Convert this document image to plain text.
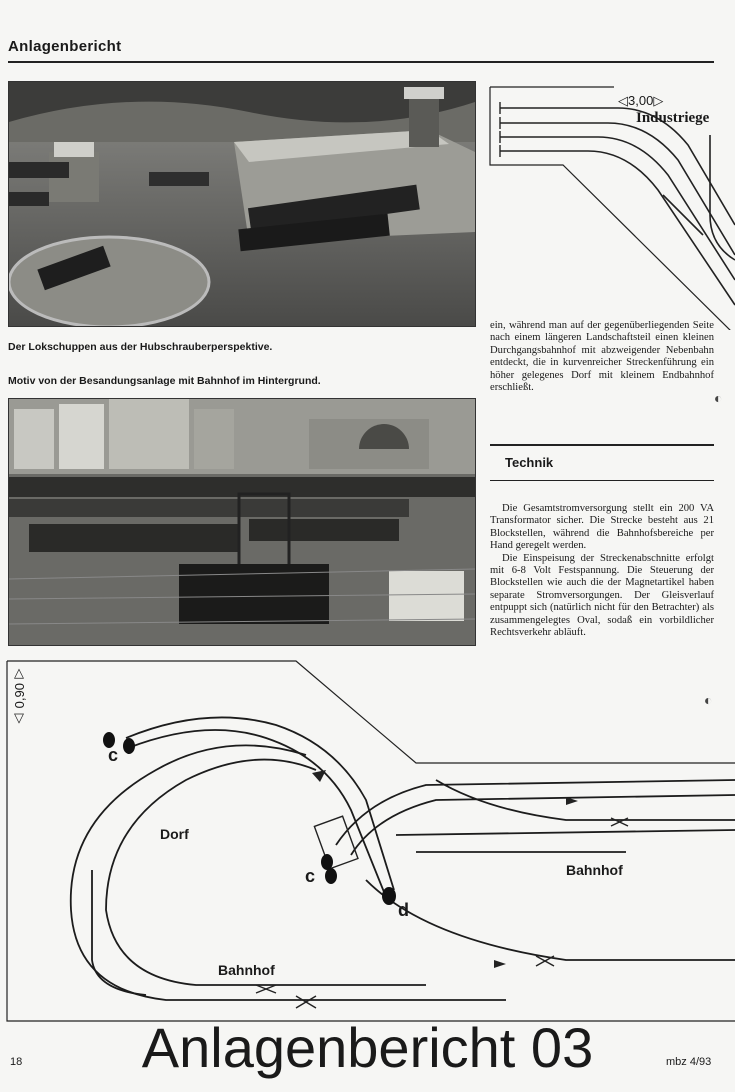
Anlagenbericht
Der Lokschuppen aus der Hubschrauberperspektive.
Motiv von der Besandungsanlage mit Bahnhof im Hintergrund.
◁3,00▷
Industriege

ein, während man auf der gegenüberliegenden Seite nach einem längeren Landschaftsteil einen kleinen Durchgangsbahnhof mit abzweigender Nebenbahn entdeckt, die in kurvenreicher Streckenführung ein höher gelegenes Dorf mit kleinem Endbahnhof erschließt.

◐
Technik

Die Gesamtstromversorgung stellt ein 200 VA Transformator sicher. Die Strecke besteht aus 21 Blockstellen, während die Bahnhofsbereiche per Hand geregelt werden.

Die Einspeisung der Streckenabschnitte erfolgt mit 6-8 Volt Festspannung. Die Steuerung der Blockstellen wie auch die der Magnetartikel haben separate Stromversorgungen. Der Gleisverlauf entpuppt sich (natürlich nicht für den Betrachter) als zusammengelegtes Oval, sodaß ein vorbildlicher Rechtsverkehr abläuft.

◐
△
0,90
▽
Dorf
Bahnhof
Bahnhof
c
c
d
18	Anlagenbericht 03	mbz 4/93
